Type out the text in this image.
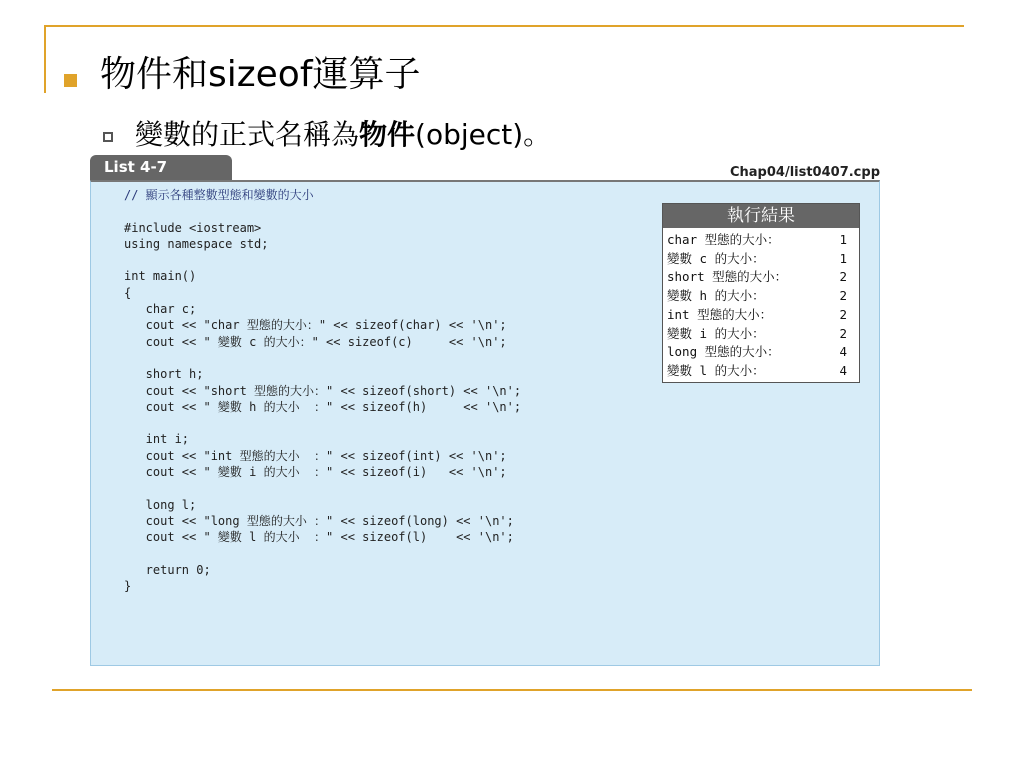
物件和sizeof運算子

變數的正式名稱為物件(object)。

List 4-7	Chap04/list0407.cpp
// 顯示各種整數型態和變數的大小
#include <iostream>
using namespace std;
int main()
{
char c;
cout << "char 型態的大小：" << sizeof(char) << '\n';
cout << " 變數 c 的大小：" << sizeof(c)     << '\n';
short h;
cout << "short 型態的大小：" << sizeof(short) << '\n';
cout << " 變數 h 的大小  ：" << sizeof(h)     << '\n';
int i;
cout << "int 型態的大小  ：" << sizeof(int) << '\n';
cout << " 變數 i 的大小  ：" << sizeof(i)   << '\n';
long l;
cout << "long 型態的大小 ：" << sizeof(long) << '\n';
cout << " 變數 l 的大小  ：" << sizeof(l)    << '\n';
return 0;
}
執行結果
char 型態的大小：	1
變數 c 的大小：	1
short 型態的大小：	2
變數 h 的大小：	2
int 型態的大小：	2
變數 i 的大小：	2
long 型態的大小：	4
變數 l 的大小：	4
